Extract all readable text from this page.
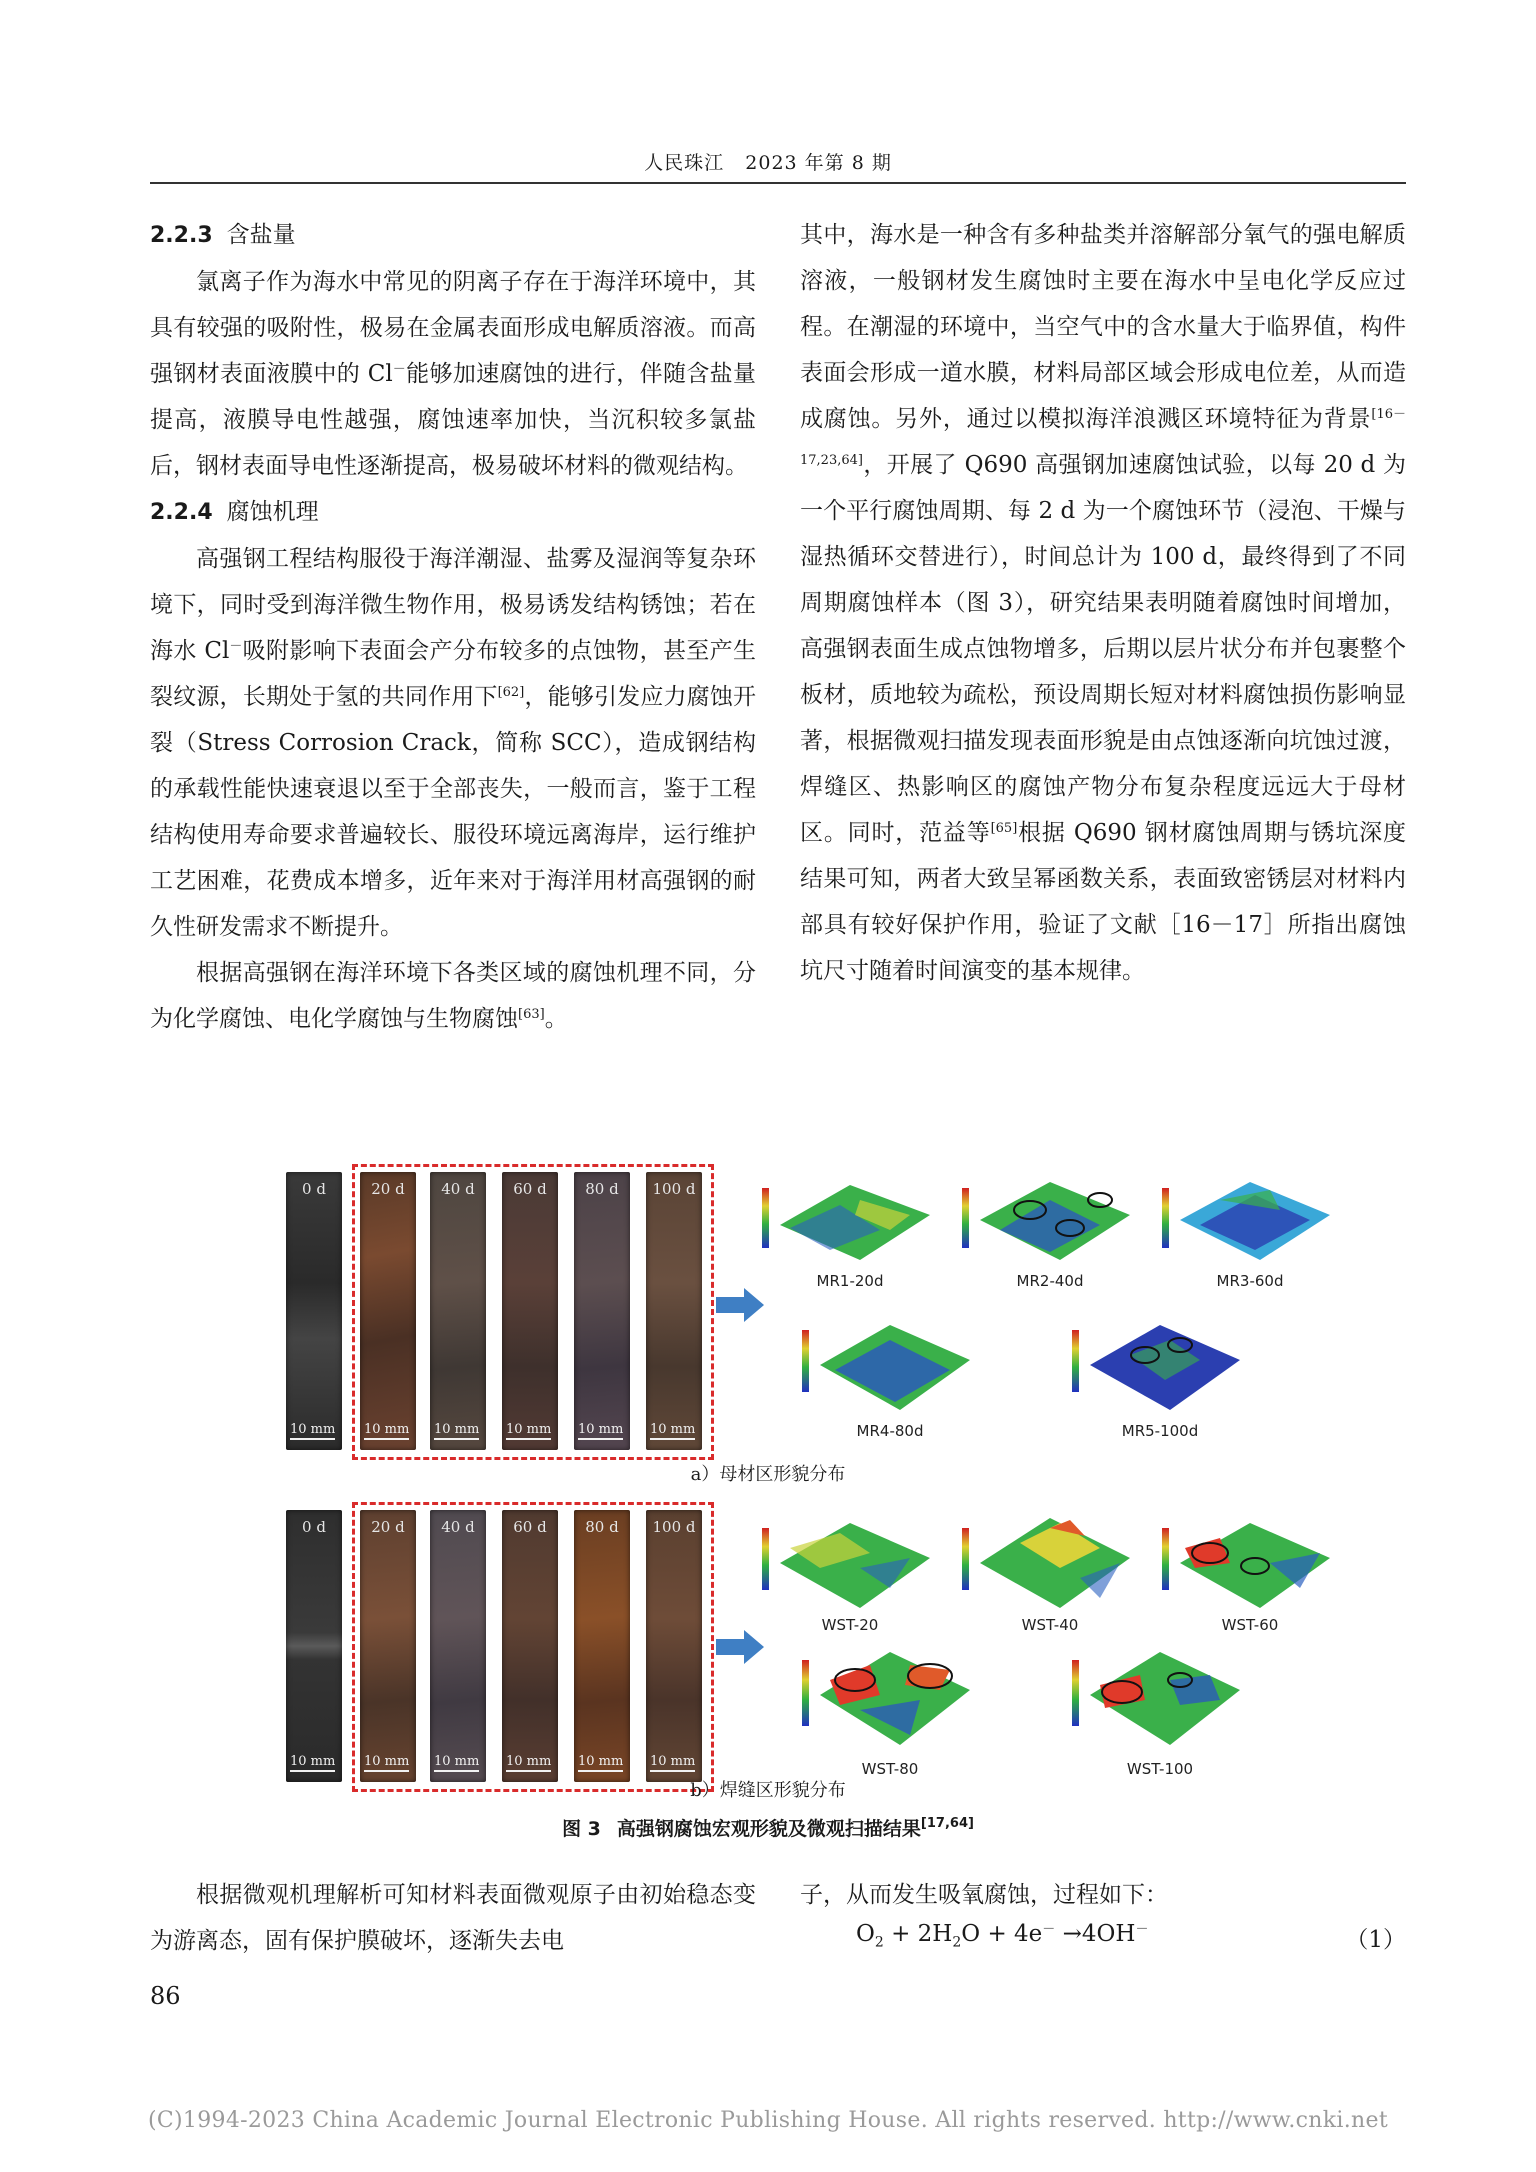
人民珠江 2023 年第 8 期
2.2.3 含盐量

氯离子作为海水中常见的阴离子存在于海洋环境中，其具有较强的吸附性，极易在金属表面形成电解质溶液。而高强钢材表面液膜中的 Cl－能够加速腐蚀的进行，伴随含盐量提高，液膜导电性越强，腐蚀速率加快，当沉积较多氯盐后，钢材表面导电性逐渐提高，极易破坏材料的微观结构。

2.2.4 腐蚀机理

高强钢工程结构服役于海洋潮湿、盐雾及湿润等复杂环境下，同时受到海洋微生物作用，极易诱发结构锈蚀；若在海水 Cl－吸附影响下表面会产分布较多的点蚀物，甚至产生裂纹源，长期处于氢的共同作用下[62]，能够引发应力腐蚀开裂（Stress Corrosion Crack，简称 SCC），造成钢结构的承载性能快速衰退以至于全部丧失，一般而言，鉴于工程结构使用寿命要求普遍较长、服役环境远离海岸，运行维护工艺困难，花费成本增多，近年来对于海洋用材高强钢的耐久性研发需求不断提升。

根据高强钢在海洋环境下各类区域的腐蚀机理不同，分为化学腐蚀、电化学腐蚀与生物腐蚀[63]。

其中，海水是一种含有多种盐类并溶解部分氧气的强电解质溶液，一般钢材发生腐蚀时主要在海水中呈电化学反应过程。在潮湿的环境中，当空气中的含水量大于临界值，构件表面会形成一道水膜，材料局部区域会形成电位差，从而造成腐蚀。另外，通过以模拟海洋浪溅区环境特征为背景[16－17,23,64]，开展了 Q690 高强钢加速腐蚀试验，以每 20 d 为一个平行腐蚀周期、每 2 d 为一个腐蚀环节（浸泡、干燥与湿热循环交替进行），时间总计为 100 d，最终得到了不同周期腐蚀样本（图 3），研究结果表明随着腐蚀时间增加，高强钢表面生成点蚀物增多，后期以层片状分布并包裹整个板材，质地较为疏松，预设周期长短对材料腐蚀损伤影响显著，根据微观扫描发现表面形貌是由点蚀逐渐向坑蚀过渡，焊缝区、热影响区的腐蚀产物分布复杂程度远远大于母材区。同时，范益等[65]根据 Q690 钢材腐蚀周期与锈坑深度结果可知，两者大致呈幂函数关系，表面致密锈层对材料内部具有较好保护作用，验证了文献［16－17］所指出腐蚀坑尺寸随着时间演变的基本规律。

0 d
10 mm
20 d
10 mm
40 d
10 mm
60 d
10 mm
80 d
10 mm
100 d
10 mm
MR1-20d	MR2-40d	MR3-60d
MR4-80d	MR5-100d
a）母材区形貌分布
0 d
10 mm
20 d
10 mm
40 d
10 mm
60 d
10 mm
80 d
10 mm
100 d
10 mm
WST-20	WST-40	WST-60
WST-80	WST-100
b）焊缝区形貌分布
图 3 高强钢腐蚀宏观形貌及微观扫描结果[17,64]

根据微观机理解析可知材料表面微观原子由初始稳态变为游离态，固有保护膜破坏，逐渐失去电

子，从而发生吸氧腐蚀，过程如下：

$O_2 + 2H_2O + 4e^- \to 4OH^-$	（1）
86
(C)1994-2023 China Academic Journal Electronic Publishing House. All rights reserved. http://www.cnki.net
